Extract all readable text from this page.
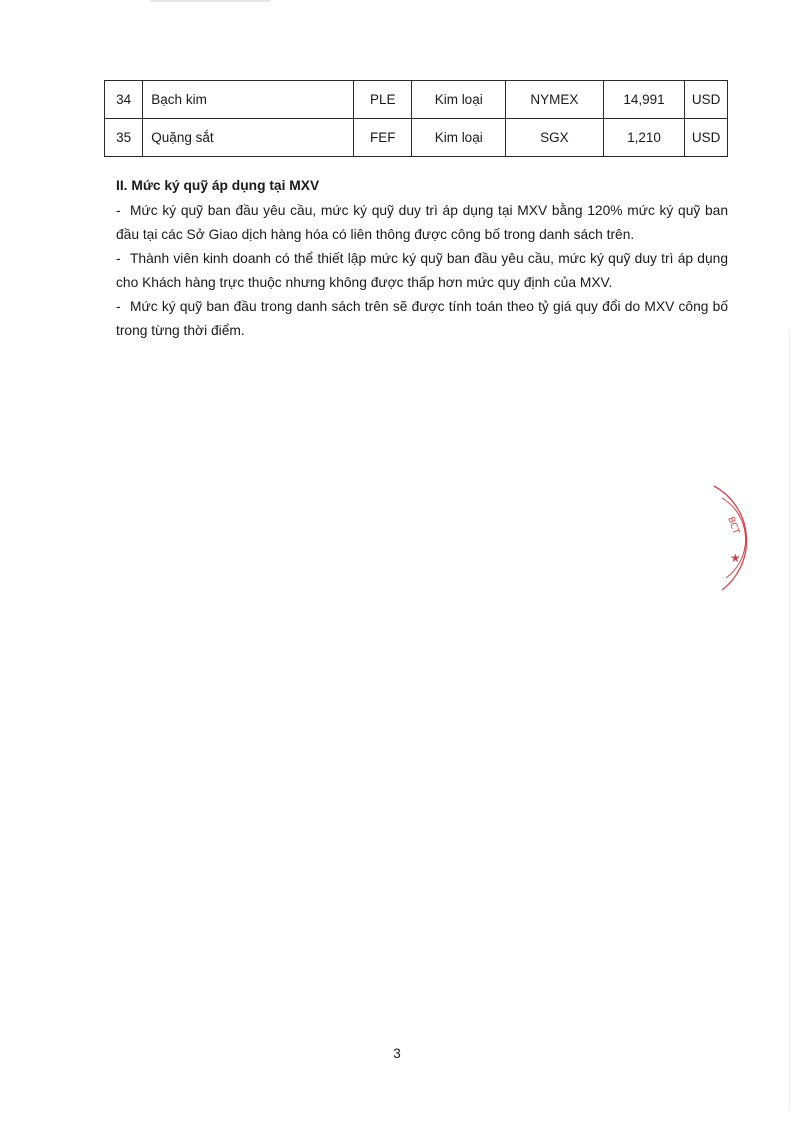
34	Bạch kim	PLE	Kim loại	NYMEX	14,991	USD
35	Quặng sắt	FEF	Kim loại	SGX	1,210	USD

II. Mức ký quỹ áp dụng tại MXV

- Mức ký quỹ ban đầu yêu cầu, mức ký quỹ duy trì áp dụng tại MXV bằng 120% mức ký quỹ ban đầu tại các Sở Giao dịch hàng hóa có liên thông được công bố trong danh sách trên.

- Thành viên kinh doanh có thể thiết lập mức ký quỹ ban đầu yêu cầu, mức ký quỹ duy trì áp dụng cho Khách hàng trực thuộc nhưng không được thấp hơn mức quy định của MXV.

- Mức ký quỹ ban đầu trong danh sách trên sẽ được tính toán theo tỷ giá quy đổi do MXV công bố trong từng thời điểm.

BCT
★
3
